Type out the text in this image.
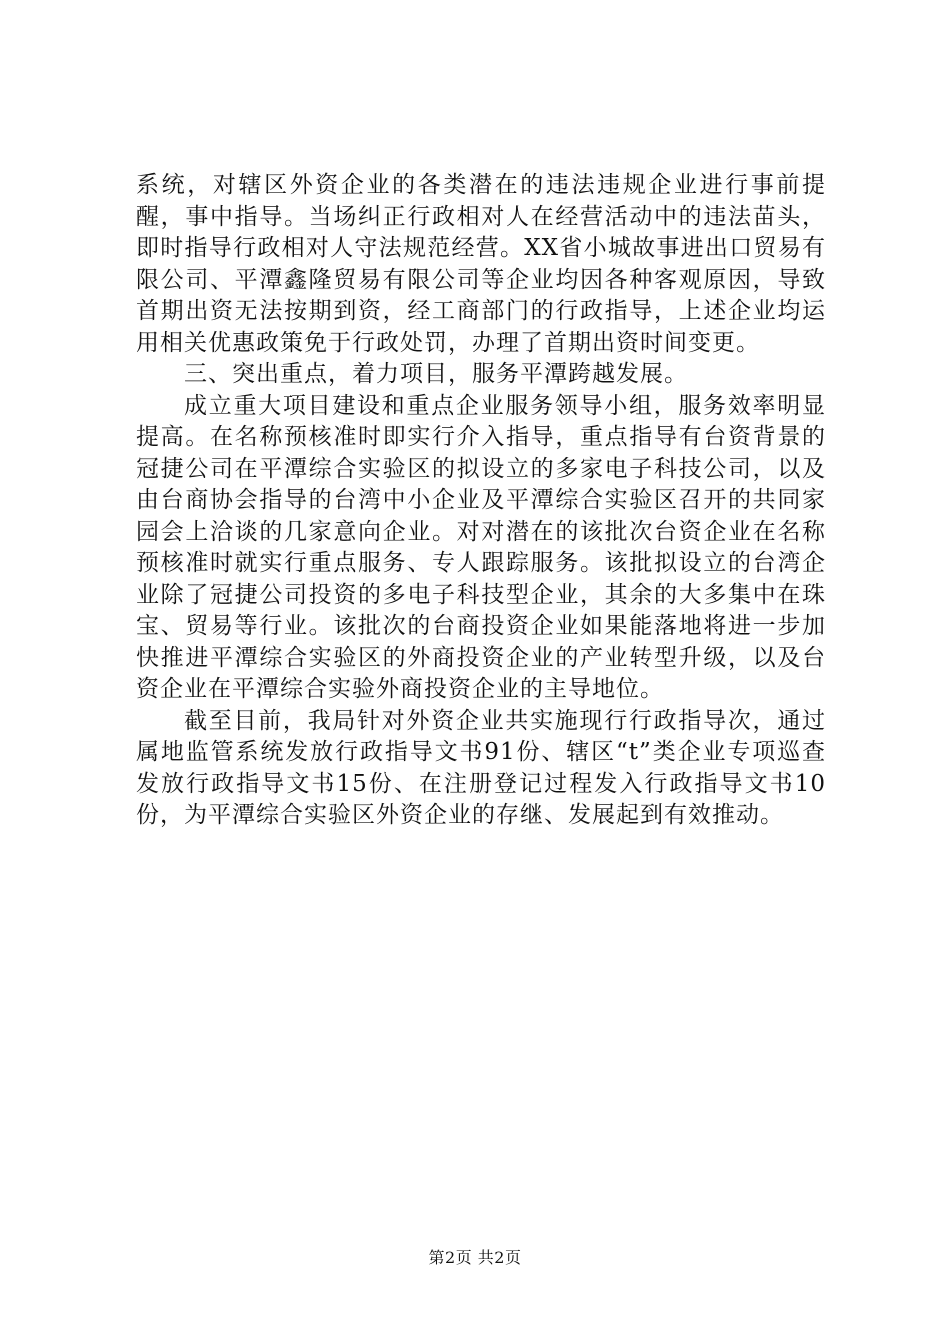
系统，对辖区外资企业的各类潜在的违法违规企业进行事前提醒，事中指导。当场纠正行政相对人在经营活动中的违法苗头，即时指导行政相对人守法规范经营。XX省小城故事进出口贸易有限公司、平潭鑫隆贸易有限公司等企业均因各种客观原因，导致首期出资无法按期到资，经工商部门的行政指导，上述企业均运用相关优惠政策免于行政处罚，办理了首期出资时间变更。

三、突出重点，着力项目，服务平潭跨越发展。

成立重大项目建设和重点企业服务领导小组，服务效率明显提高。在名称预核准时即实行介入指导，重点指导有台资背景的冠捷公司在平潭综合实验区的拟设立的多家电子科技公司，以及由台商协会指导的台湾中小企业及平潭综合实验区召开的共同家园会上洽谈的几家意向企业。对对潜在的该批次台资企业在名称预核准时就实行重点服务、专人跟踪服务。该批拟设立的台湾企业除了冠捷公司投资的多电子科技型企业，其余的大多集中在珠宝、贸易等行业。该批次的台商投资企业如果能落地将进一步加快推进平潭综合实验区的外商投资企业的产业转型升级，以及台资企业在平潭综合实验外商投资企业的主导地位。

截至目前，我局针对外资企业共实施现行行政指导次，通过属地监管系统发放行政指导文书91份、辖区“t”类企业专项巡查发放行政指导文书15份、在注册登记过程发入行政指导文书10份，为平潭综合实验区外资企业的存继、发展起到有效推动。

第2页 共2页
